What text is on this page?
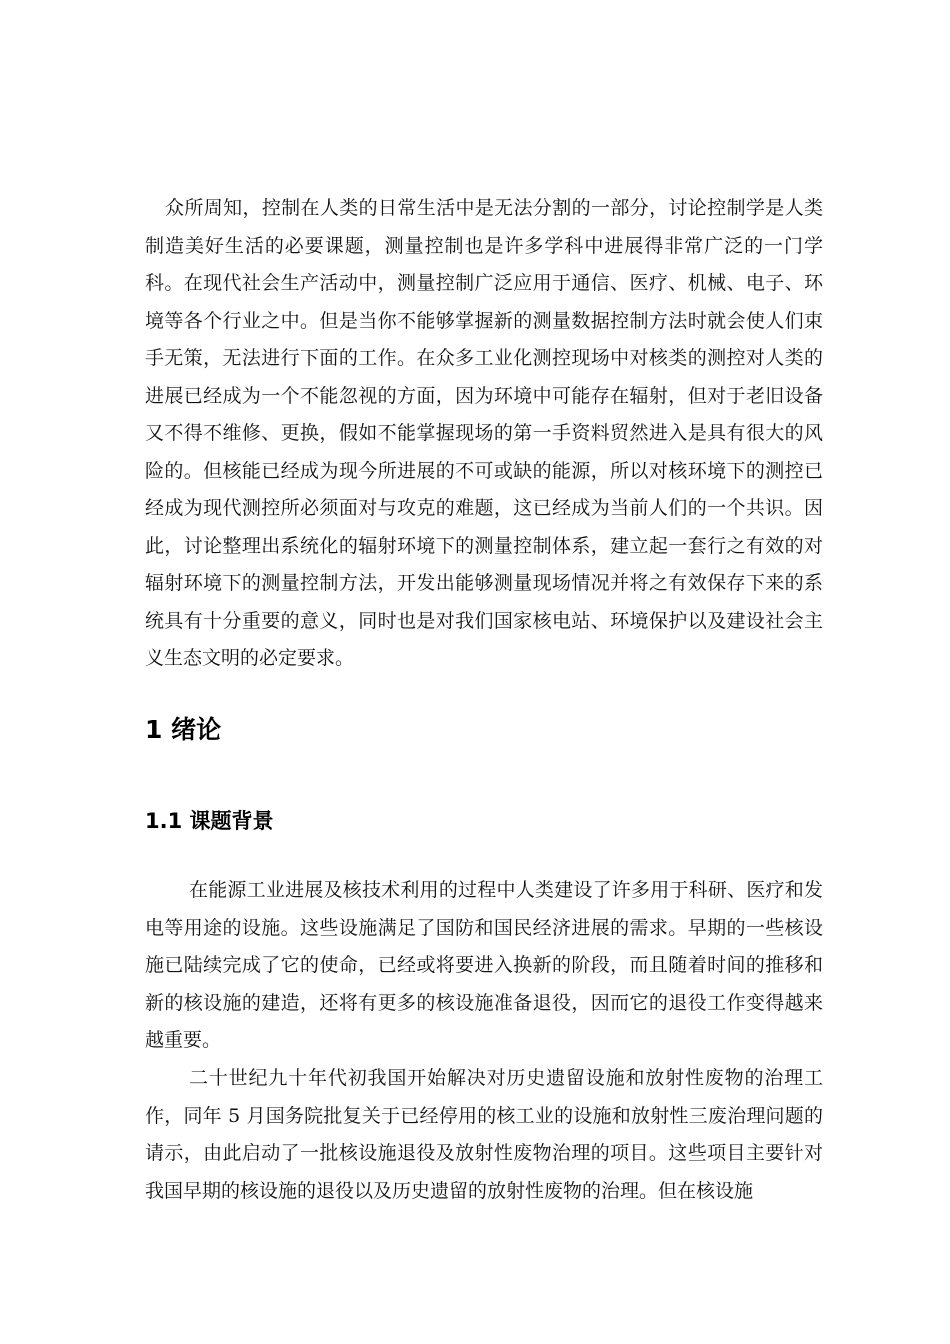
众所周知，控制在人类的日常生活中是无法分割的一部分，讨论控制学是人类制造美好生活的必要课题，测量控制也是许多学科中进展得非常广泛的一门学科。在现代社会生产活动中，测量控制广泛应用于通信、医疗、机械、电子、环境等各个行业之中。但是当你不能够掌握新的测量数据控制方法时就会使人们束手无策，无法进行下面的工作。在众多工业化测控现场中对核类的测控对人类的进展已经成为一个不能忽视的方面，因为环境中可能存在辐射，但对于老旧设备又不得不维修、更换，假如不能掌握现场的第一手资料贸然进入是具有很大的风险的。但核能已经成为现今所进展的不可或缺的能源，所以对核环境下的测控已经成为现代测控所必须面对与攻克的难题，这已经成为当前人们的一个共识。因此，讨论整理出系统化的辐射环境下的测量控制体系，建立起一套行之有效的对辐射环境下的测量控制方法，开发出能够测量现场情况并将之有效保存下来的系统具有十分重要的意义，同时也是对我们国家核电站、环境保护以及建设社会主义生态文明的必定要求。

1 绪论
1.1 课题背景

在能源工业进展及核技术利用的过程中人类建设了许多用于科研、医疗和发电等用途的设施。这些设施满足了国防和国民经济进展的需求。早期的一些核设施已陆续完成了它的使命，已经或将要进入换新的阶段，而且随着时间的推移和新的核设施的建造，还将有更多的核设施准备退役，因而它的退役工作变得越来越重要。

二十世纪九十年代初我国开始解决对历史遗留设施和放射性废物的治理工作，同年 5 月国务院批复关于已经停用的核工业的设施和放射性三废治理问题的请示，由此启动了一批核设施退役及放射性废物治理的项目。这些项目主要针对我国早期的核设施的退役以及历史遗留的放射性废物的治理。但在核设施
